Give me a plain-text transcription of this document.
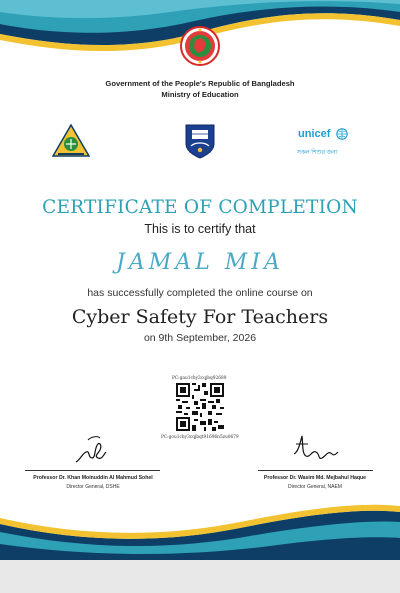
Government of the People's Republic of Bangladesh
Ministry of Education
unicef
সকল শিশুর জন্য
CERTIFICATE OF COMPLETION
This is to certify that
JAMAL MIA
has successfully completed the online course on
Cyber Safety For Teachers
on 9th September, 2026
PC:gau1chy3cqjbq92689
PC:gou1chy3cqjbqt91696n5zu0679
Professor Dr. Khan Moinuddin Al Mahmud Sohel
Director General, DSHE
Professor Dr. Wasim Md. Mejbahul Haque
Director General, NAEM
